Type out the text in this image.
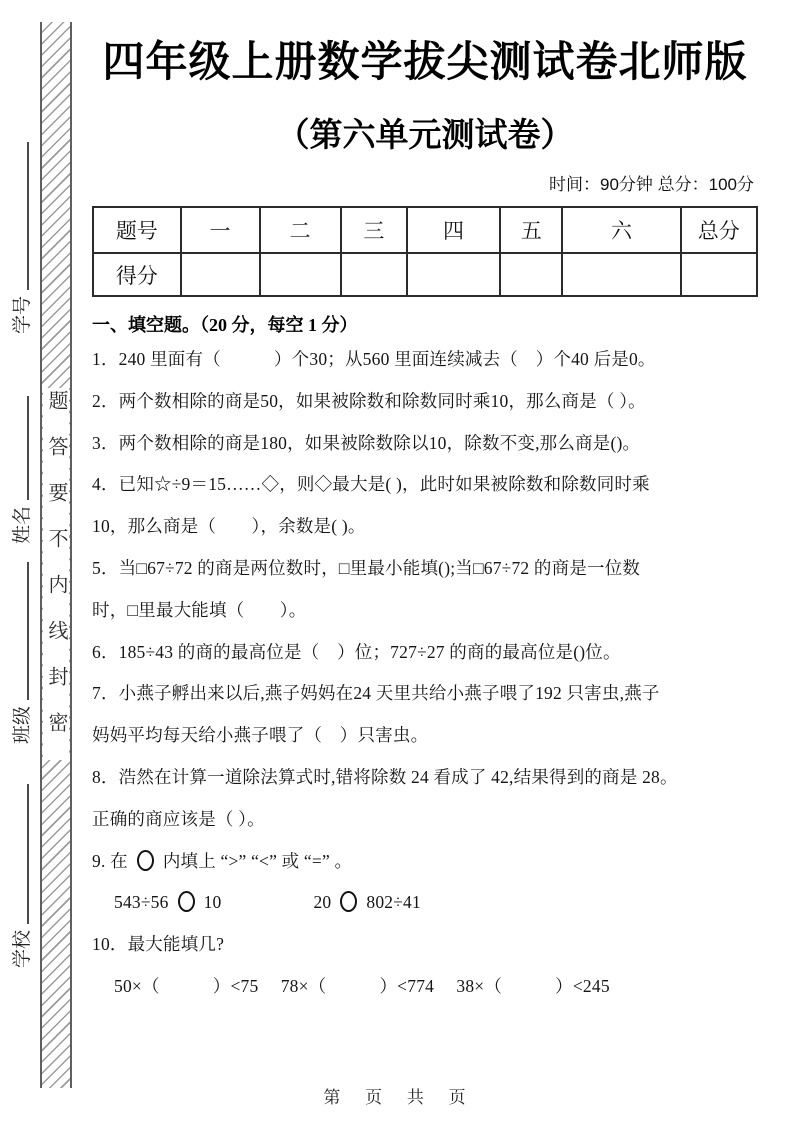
题答要不内线封密
学号
姓名
班级
学校
四年级上册数学拔尖测试卷北师版
（第六单元测试卷）
时间：90分钟 总分：100分
题号	一	二	三	四	五	六	总分
得分							
一、填空题。（20 分，每空 1 分）

1．240 里面有（　　　）个30；从560 里面连续减去（　）个40 后是0。

2．两个数相除的商是50，如果被除数和除数同时乘10，那么商是（ ）。

3．两个数相除的商是180，如果被除数除以10，除数不变,那么商是()。

4．已知☆÷9＝15……◇，则◇最大是( )，此时如果被除数和除数同时乘

10，那么商是（　　），余数是( )。

5．当□67÷72 的商是两位数时，□里最小能填();当□67÷72 的商是一位数

时，□里最大能填（　　）。

6．185÷43 的商的最高位是（　）位；727÷27 的商的最高位是()位。

7．小燕子孵出来以后,燕子妈妈在24 天里共给小燕子喂了192 只害虫,燕子

妈妈平均每天给小燕子喂了（　）只害虫。

8．浩然在计算一道除法算式时,错将除数 24 看成了 42,结果得到的商是 28。

正确的商应该是（ ）。

9. 在 内填上 “>” “<” 或 “=” 。

543÷56 10	20 802÷41

10．最大能填几?

50×（　　　）<75　 78×（　　　）<774　 38×（　　　）<245

第 页 共 页
